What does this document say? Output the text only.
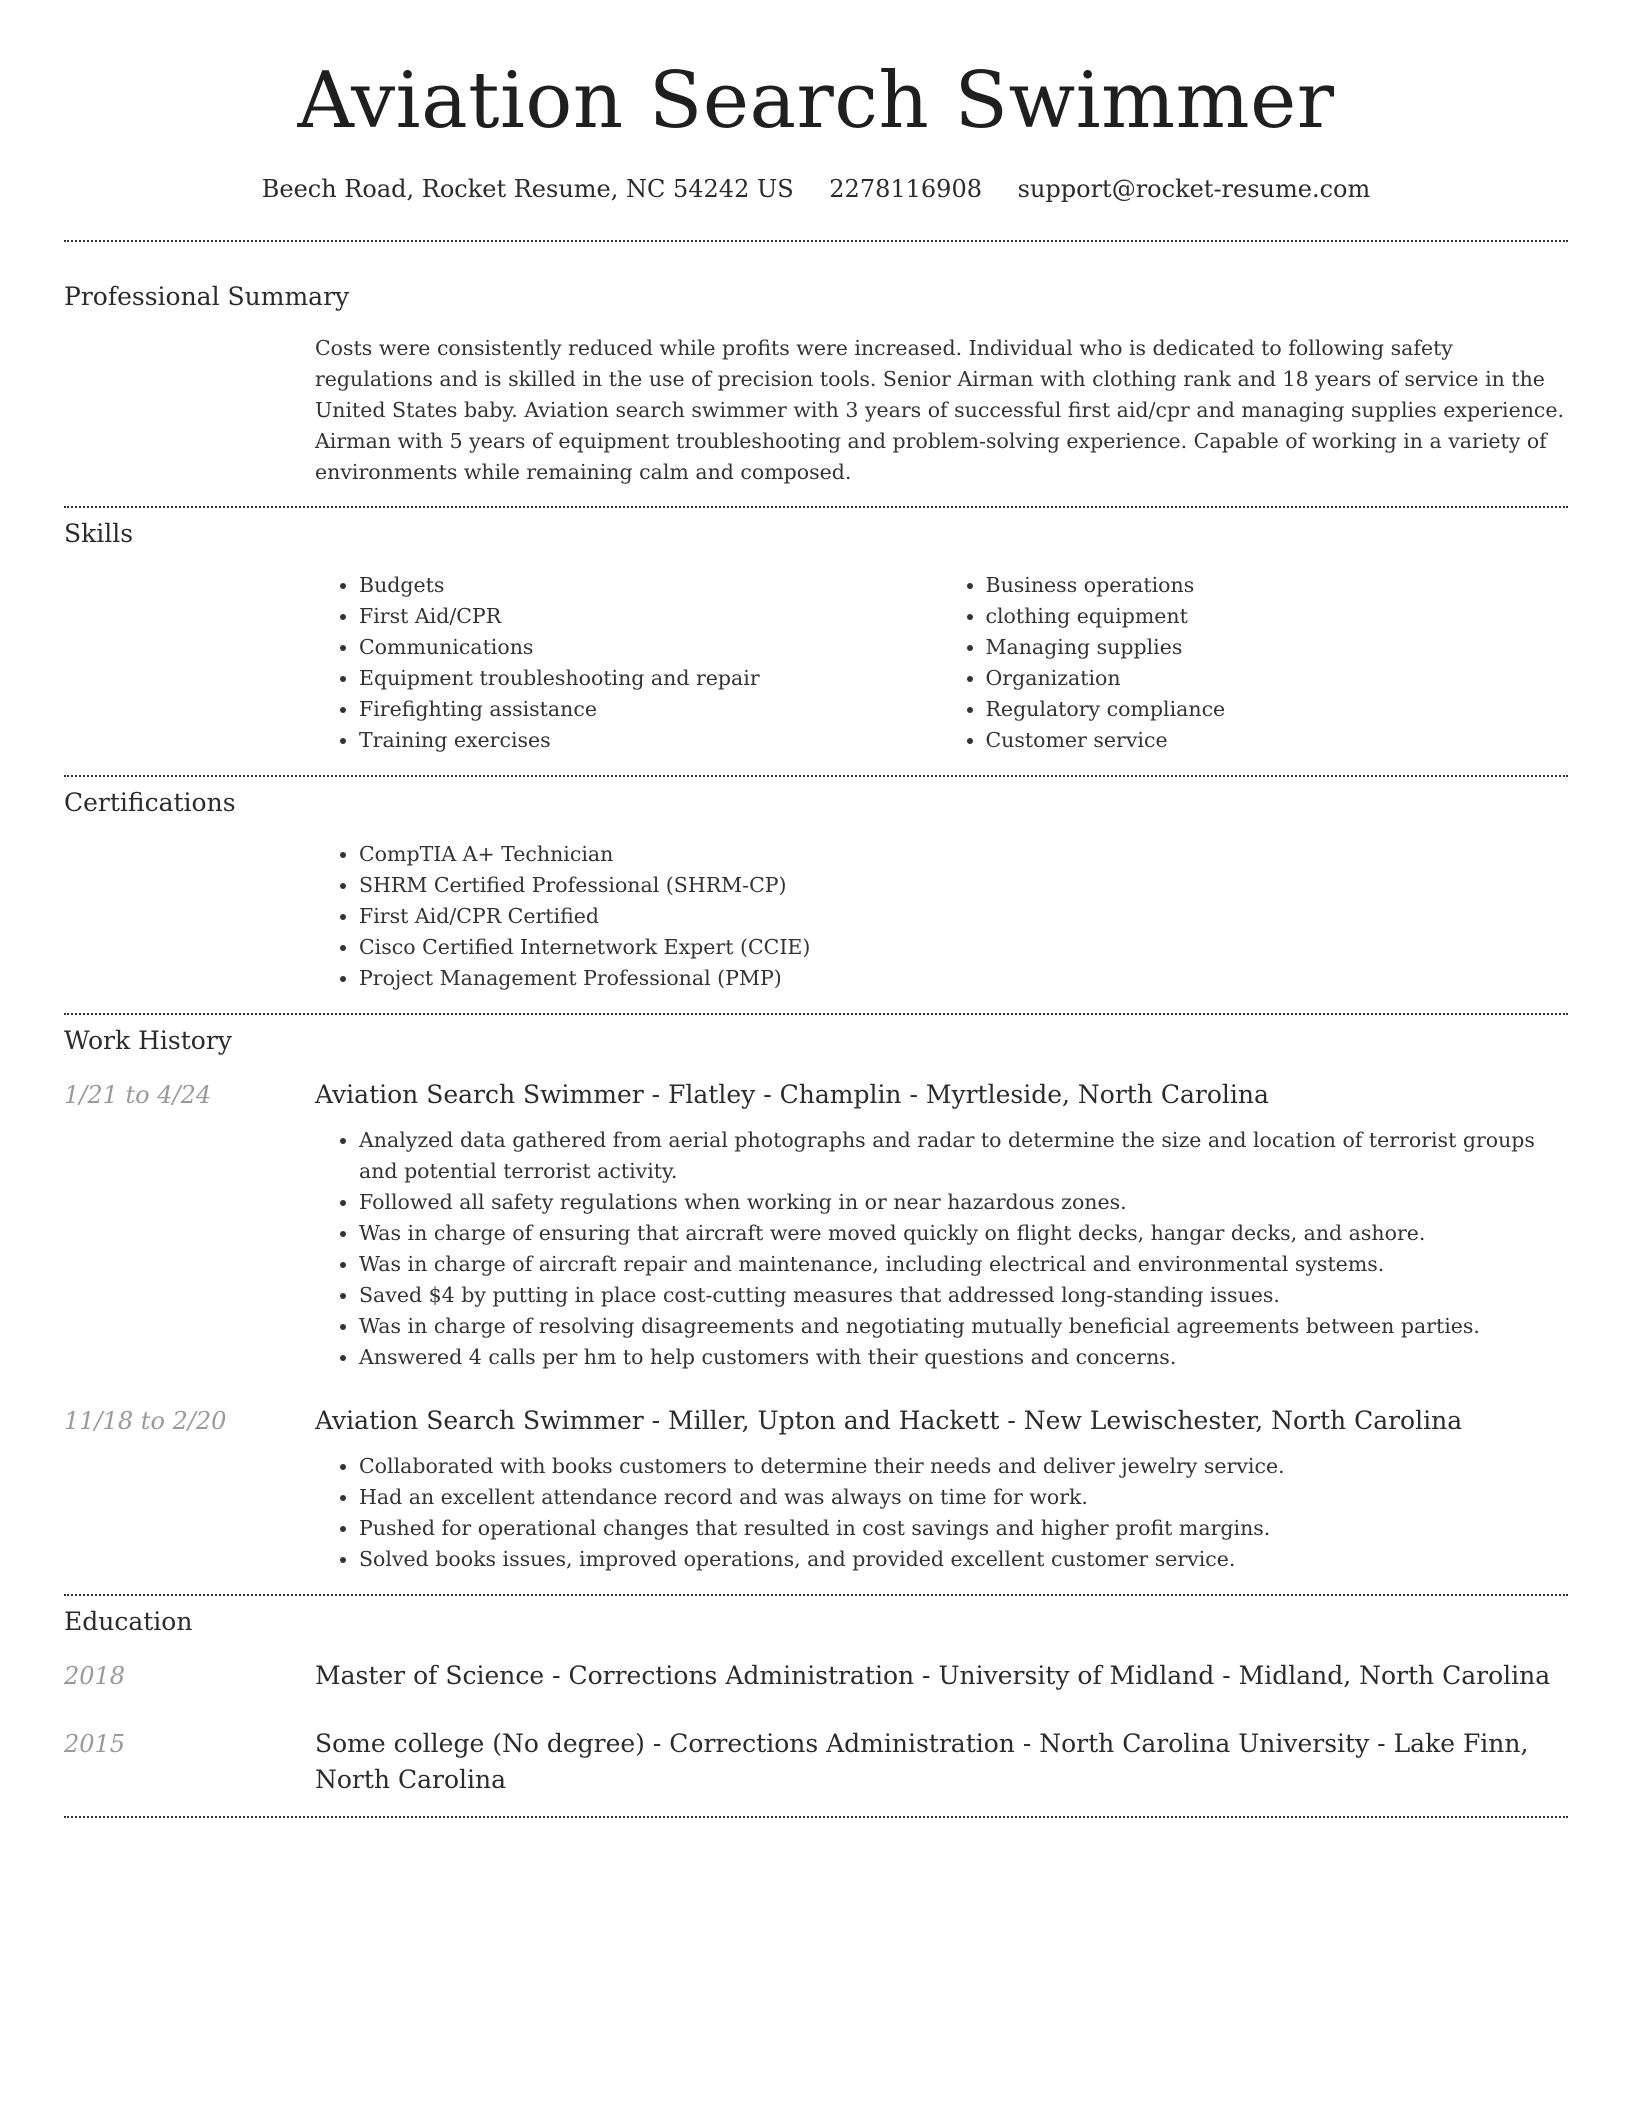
Aviation Search Swimmer
Beech Road, Rocket Resume, NC 54242 US 2278116908 support@rocket-resume.com
Professional Summary

Costs were consistently reduced while profits were increased. Individual who is dedicated to following safety regulations and is skilled in the use of precision tools. Senior Airman with clothing rank and 18 years of service in the United States baby. Aviation search swimmer with 3 years of successful first aid/cpr and managing supplies experience. Airman with 5 years of equipment troubleshooting and problem-solving experience. Capable of working in a variety of environments while remaining calm and composed.

Skills
• Budgets
• First Aid/CPR
• Communications
• Equipment troubleshooting and repair
• Firefighting assistance
• Training exercises
• Business operations
• clothing equipment
• Managing supplies
• Organization
• Regulatory compliance
• Customer service
Certifications
• CompTIA A+ Technician
• SHRM Certified Professional (SHRM-CP)
• First Aid/CPR Certified
• Cisco Certified Internetwork Expert (CCIE)
• Project Management Professional (PMP)
Work History
1/21 to 4/24	Aviation Search Swimmer - Flatley - Champlin - Myrtleside, North Carolina
• Analyzed data gathered from aerial photographs and radar to determine the size and location of terrorist groups and potential terrorist activity.
• Followed all safety regulations when working in or near hazardous zones.
• Was in charge of ensuring that aircraft were moved quickly on flight decks, hangar decks, and ashore.
• Was in charge of aircraft repair and maintenance, including electrical and environmental systems.
• Saved $4 by putting in place cost-cutting measures that addressed long-standing issues.
• Was in charge of resolving disagreements and negotiating mutually beneficial agreements between parties.
• Answered 4 calls per hm to help customers with their questions and concerns.
11/18 to 2/20	Aviation Search Swimmer - Miller, Upton and Hackett - New Lewischester, North Carolina
• Collaborated with books customers to determine their needs and deliver jewelry service.
• Had an excellent attendance record and was always on time for work.
• Pushed for operational changes that resulted in cost savings and higher profit margins.
• Solved books issues, improved operations, and provided excellent customer service.
Education
2018	Master of Science - Corrections Administration - University of Midland - Midland, North Carolina
2015	Some college (No degree) - Corrections Administration - North Carolina University - Lake Finn, North Carolina
